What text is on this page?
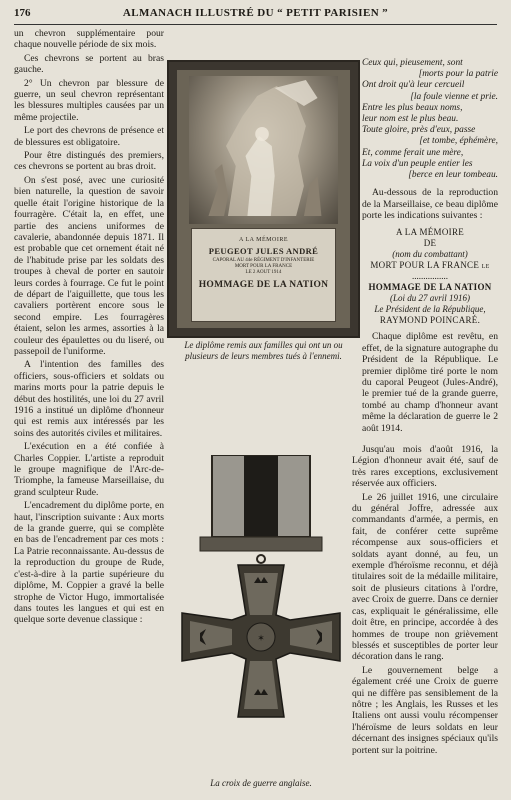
176	ALMANACH ILLUSTRÉ DU “ PETIT PARISIEN ”

un chevron supplémentaire pour chaque nouvelle période de six mois.

Ces chevrons se portent au bras gauche.

2° Un chevron par blessure de guerre, un seul chevron représentant les blessures multiples causées par un même projectile.

Le port des chevrons de présence et de blessures est obligatoire.

Pour être distingués des premiers, ces chevrons se portent au bras droit.

On s'est posé, avec une curiosité bien naturelle, la question de savoir quelle était l'origine historique de la fourragère. C'était la, en effet, une partie des anciens uniformes de cavalerie, abandonnée depuis 1871. Il est probable que cet ornement était né de l'habitude prise par les soldats des troupes à cheval de porter en sautoir leurs cordes à fourrage. Ce fut le point de départ de l'aiguillette, que tous les cavaliers portèrent encore sous le second empire. Les fourragères étaient, selon les armes, assorties à la couleur des épaulettes ou du liseré, ou passepoil de l'uniforme.

A l'intention des familles des officiers, sous-officiers et soldats ou marins morts pour la patrie depuis le début des hostilités, une loi du 27 avril 1916 a institué un diplôme d'honneur qui est remis aux intéressés par les soins des autorités civiles et militaires.

L'exécution en a été confiée à Charles Coppier. L'artiste a reproduit le groupe magnifique de l'Arc-de-Triomphe, la fameuse Marseillaise, du grand sculpteur Rude.

L'encadrement du diplôme porte, en haut, l'inscription suivante : Aux morts de la grande guerre, qui se complète en bas de l'encadrement par ces mots : La Patrie reconnaissante. Au-dessus de la reproduction du groupe de Rude, c'est-à-dire à la partie supérieure du diplôme, M. Coppier a gravé la belle strophe de Victor Hugo, immortalisée dans toutes les langues et qui est en quelque sorte devenue classique :

A LA MÉMOIRE
PEUGEOT JULES ANDRÉ
CAPORAL AU 44e RÉGIMENT D'INFANTERIE
MORT POUR LA FRANCE
LE 2 AOUT 1914
HOMMAGE DE LA NATION
Le diplôme remis aux familles qui ont un ou plusieurs de leurs membres tués à l'ennemi.
Ceux qui, pieusement, sont
[morts pour la patrie
Ont droit qu'à leur cercueil
[la foule vienne et prie.
Entre les plus beaux noms,
leur nom est le plus beau.
Toute gloire, près d'eux, passe
[et tombe, éphémère,
Et, comme ferait une mère,
La voix d'un peuple entier les
[berce en leur tombeau.

Au-dessous de la reproduction de la Marseillaise, ce beau diplôme porte les indications suivantes :

A LA MÉMOIRE
DE
(nom du combattant)
MORT POUR LA FRANCE le
................
HOMMAGE DE LA NATION
(Loi du 27 avril 1916)
Le Président de la République,
RAYMOND POINCARÉ.

Chaque diplôme est revêtu, en effet, de la signature autographe du Président de la République. Le premier diplôme tiré porte le nom du caporal Peugeot (Jules-André), le premier tué de la grande guerre, tombé au champ d'honneur avant même la déclaration de guerre le 2 août 1914.

✶
La croix de guerre anglaise.

Jusqu'au mois d'août 1916, la Légion d'honneur avait été, sauf de très rares exceptions, exclusivement réservée aux officiers.

Le 26 juillet 1916, une circulaire du général Joffre, adressée aux commandants d'armée, a permis, en fait, de conférer cette suprême récompense aux sous-officiers et soldats ayant donné, au feu, un exemple d'héroïsme reconnu, et déjà titulaires soit de la médaille militaire, soit de plusieurs citations à l'ordre, avec Croix de guerre. Dans ce dernier cas, expliquait le généralissime, elle doit être, en principe, accordée à des hommes de troupe non grièvement blessés et susceptibles de porter leur décoration dans le rang.

Le gouvernement belge a également créé une Croix de guerre qui ne diffère pas sensiblement de la nôtre ; les Anglais, les Russes et les Italiens ont aussi voulu récompenser l'héroïsme de leurs soldats en leur décernant des insignes spéciaux qu'ils portent sur la poitrine.
